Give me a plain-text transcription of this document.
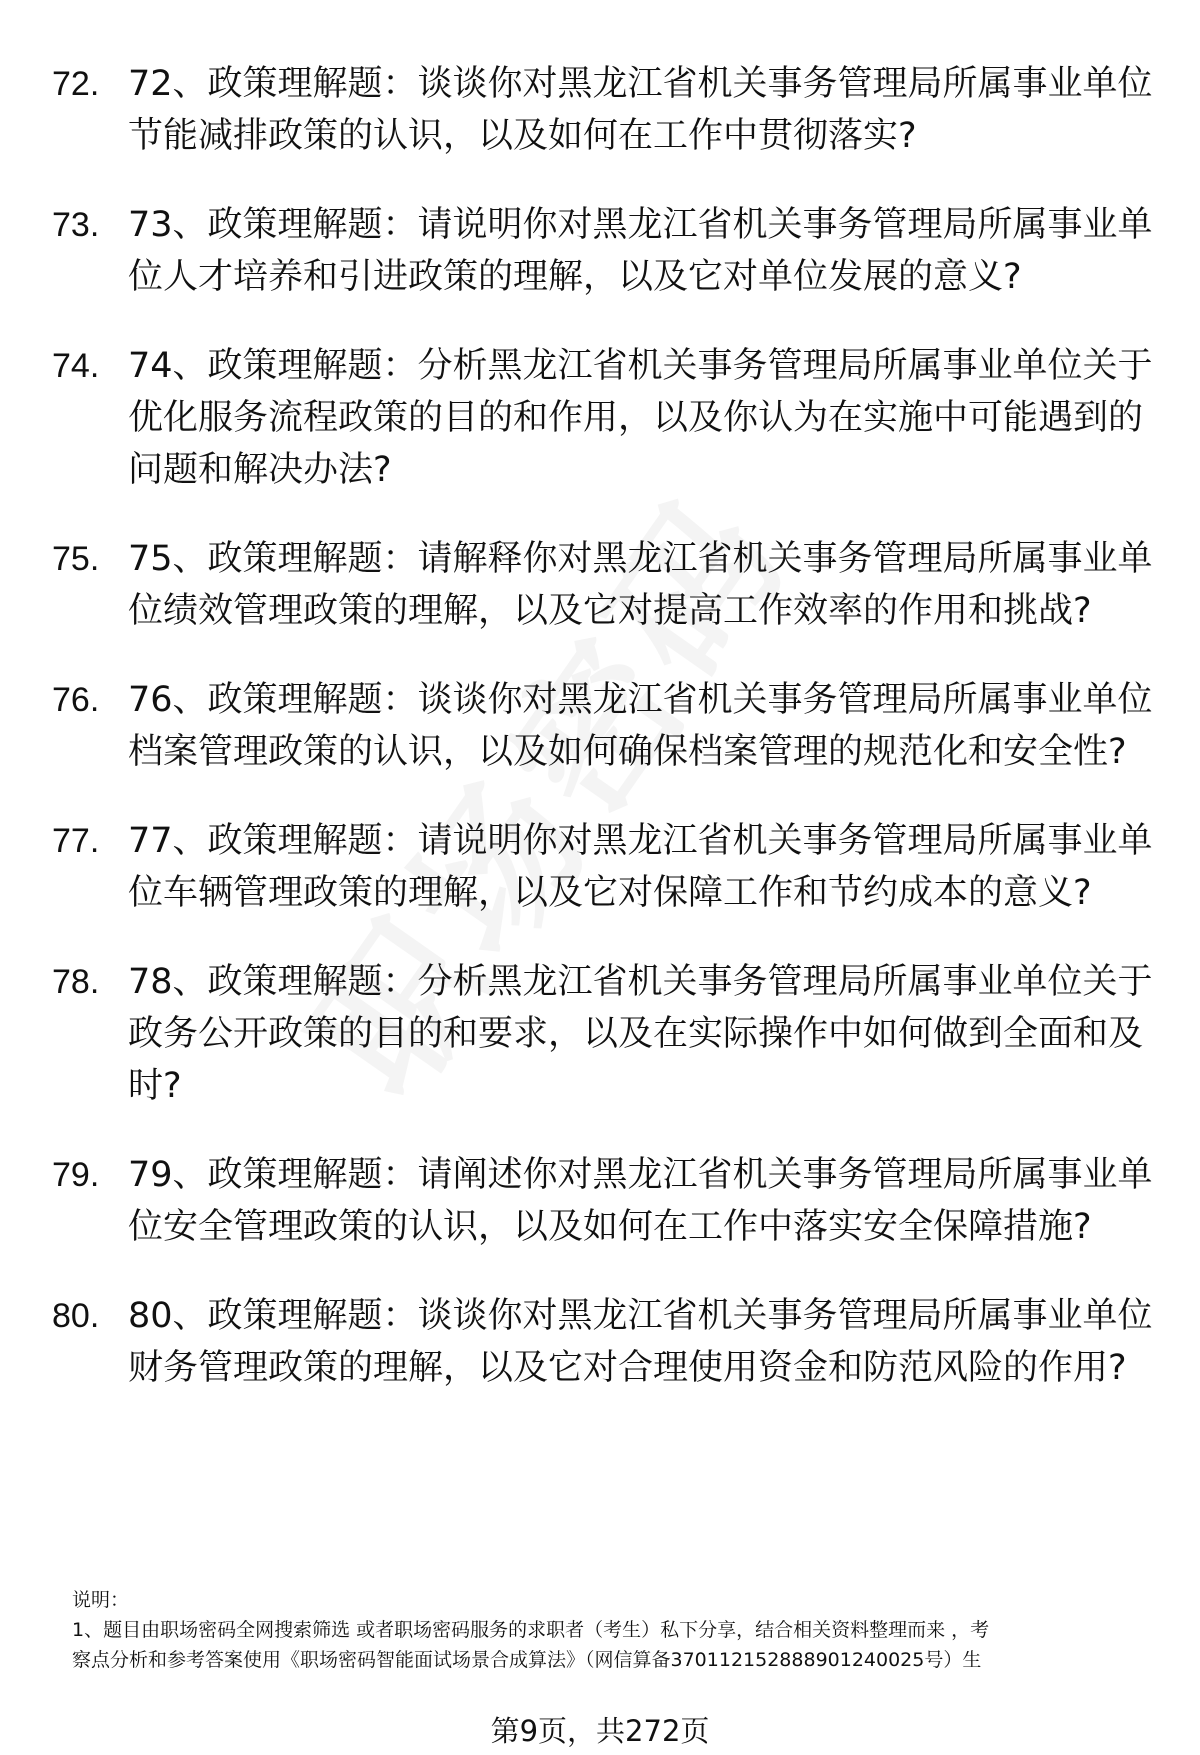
72. 72、政策理解题：谈谈你对黑龙江省机关事务管理局所属事业单位节能减排政策的认识，以及如何在工作中贯彻落实?
73. 73、政策理解题：请说明你对黑龙江省机关事务管理局所属事业单位人才培养和引进政策的理解，以及它对单位发展的意义?
74. 74、政策理解题：分析黑龙江省机关事务管理局所属事业单位关于优化服务流程政策的目的和作用，以及你认为在实施中可能遇到的问题和解决办法?
75. 75、政策理解题：请解释你对黑龙江省机关事务管理局所属事业单位绩效管理政策的理解，以及它对提高工作效率的作用和挑战?
76. 76、政策理解题：谈谈你对黑龙江省机关事务管理局所属事业单位档案管理政策的认识，以及如何确保档案管理的规范化和安全性?
77. 77、政策理解题：请说明你对黑龙江省机关事务管理局所属事业单位车辆管理政策的理解，以及它对保障工作和节约成本的意义?
78. 78、政策理解题：分析黑龙江省机关事务管理局所属事业单位关于政务公开政策的目的和要求，以及在实际操作中如何做到全面和及时?
79. 79、政策理解题：请阐述你对黑龙江省机关事务管理局所属事业单位安全管理政策的认识，以及如何在工作中落实安全保障措施?
80. 80、政策理解题：谈谈你对黑龙江省机关事务管理局所属事业单位财务管理政策的理解，以及它对合理使用资金和防范风险的作用?
说明：
1、题目由职场密码全网搜索筛选 或者职场密码服务的求职者（考生）私下分享，结合相关资料整理而来 ，考
察点分析和参考答案使用《职场密码智能面试场景合成算法》（网信算备3701121528889012400​25号）生
第9页，共272页
